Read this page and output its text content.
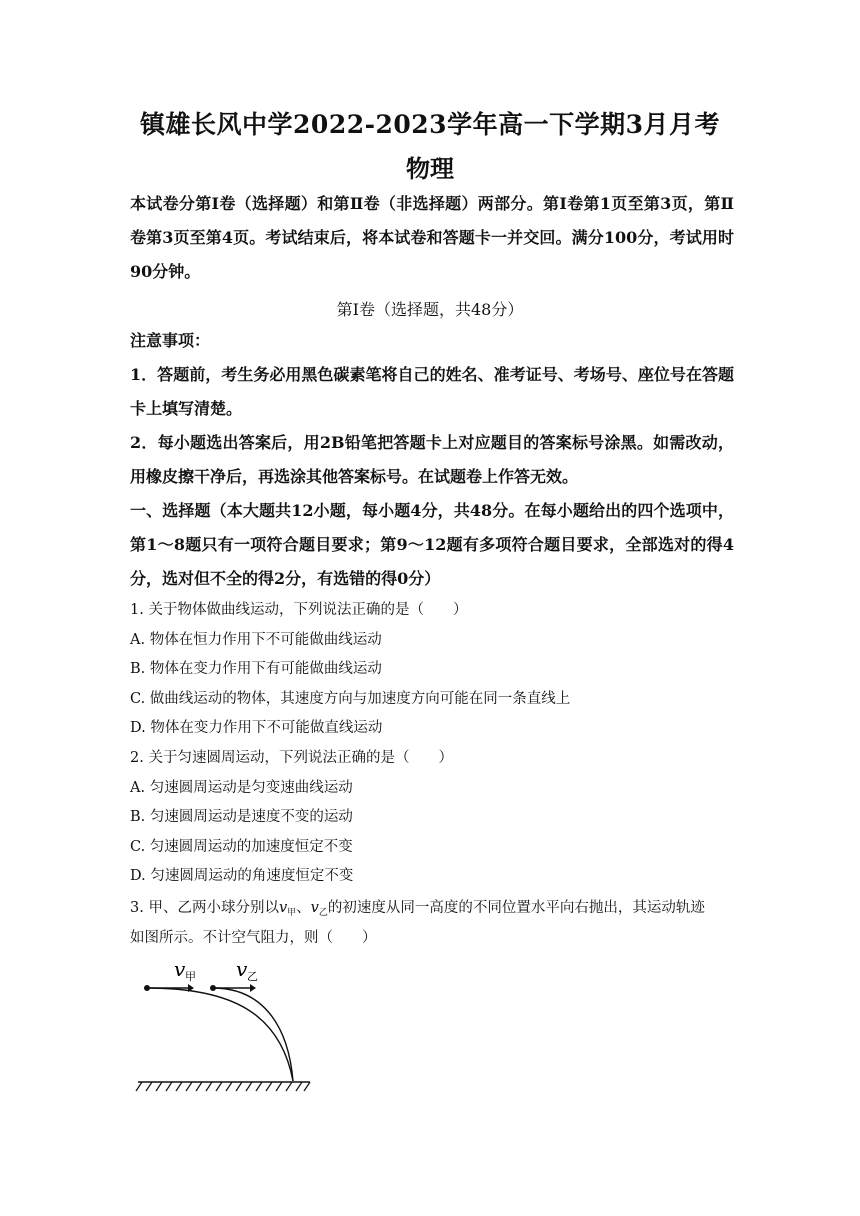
镇雄长风中学2022-2023学年高一下学期3月月考
物理
本试卷分第Ⅰ卷（选择题）和第Ⅱ卷（非选择题）两部分。第Ⅰ卷第1页至第3页，第Ⅱ卷第3页至第4页。考试结束后，将本试卷和答题卡一并交回。满分100分，考试用时90分钟。
第Ⅰ卷（选择题，共48分）
注意事项：
1．答题前，考生务必用黑色碳素笔将自己的姓名、准考证号、考场号、座位号在答题卡上填写清楚。
2．每小题选出答案后，用2B铅笔把答题卡上对应题目的答案标号涂黑。如需改动，用橡皮擦干净后，再选涂其他答案标号。在试题卷上作答无效。
一、选择题（本大题共12小题，每小题4分，共48分。在每小题给出的四个选项中，第1～8题只有一项符合题目要求；第9～12题有多项符合题目要求，全部选对的得4分，选对但不全的得2分，有选错的得0分）
1. 关于物体做曲线运动，下列说法正确的是（　　）
A. 物体在恒力作用下不可能做曲线运动
B. 物体在变力作用下有可能做曲线运动
C. 做曲线运动的物体，其速度方向与加速度方向可能在同一条直线上
D. 物体在变力作用下不可能做直线运动
2. 关于匀速圆周运动，下列说法正确的是（　　）
A. 匀速圆周运动是匀变速曲线运动
B. 匀速圆周运动是速度不变的运动
C. 匀速圆周运动的加速度恒定不变
D. 匀速圆周运动的角速度恒定不变
3. 甲、乙两小球分别以$v_甲$、$v_乙$的初速度从同一高度的不同位置水平向右抛出，其运动轨迹
如图所示。不计空气阻力，则（　　）
v 甲 v 乙
